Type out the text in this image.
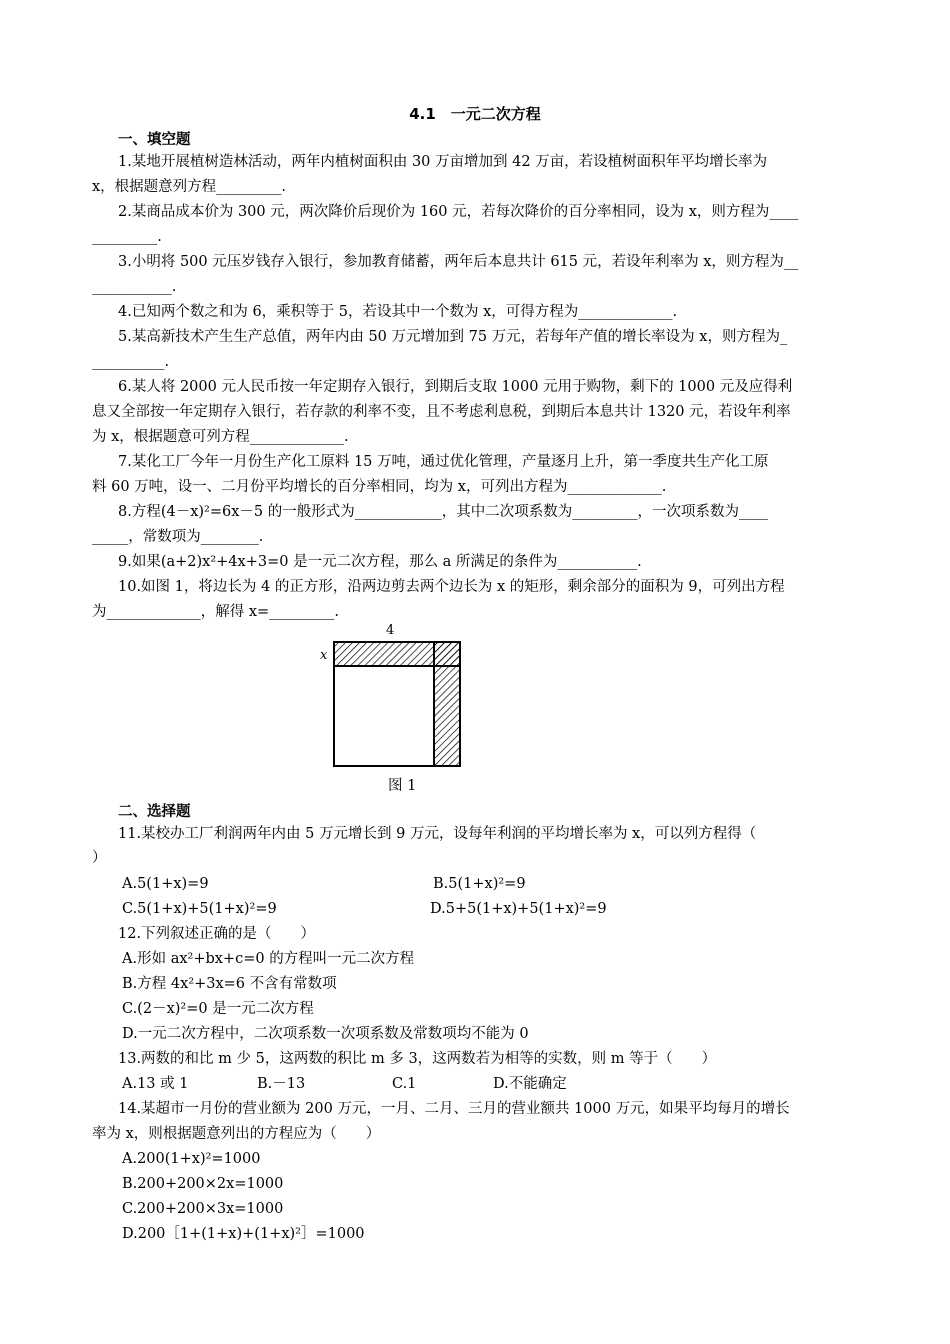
4.1　一元二次方程
一、填空题
1.某地开展植树造林活动，两年内植树面积由 30 万亩增加到 42 万亩，若设植树面积年平均增长率为
x，根据题意列方程_________.
2.某商品成本价为 300 元，两次降价后现价为 160 元，若每次降价的百分率相同，设为 x，则方程为____
_________.
3.小明将 500 元压岁钱存入银行，参加教育储蓄，两年后本息共计 615 元，若设年利率为 x，则方程为__
___________.
4.已知两个数之和为 6，乘积等于 5，若设其中一个数为 x，可得方程为_____________.
5.某高新技术产生生产总值，两年内由 50 万元增加到 75 万元，若每年产值的增长率设为 x，则方程为_
__________.
6.某人将 2000 元人民币按一年定期存入银行，到期后支取 1000 元用于购物，剩下的 1000 元及应得利
息又全部按一年定期存入银行，若存款的利率不变，且不考虑利息税，到期后本息共计 1320 元，若设年利率
为 x，根据题意可列方程_____________.
7.某化工厂今年一月份生产化工原料 15 万吨，通过优化管理，产量逐月上升，第一季度共生产化工原
料 60 万吨，设一、二月份平均增长的百分率相同，均为 x，可列出方程为_____________.
8.方程(4－x)²=6x－5 的一般形式为____________，其中二次项系数为_________，一次项系数为____
_____，常数项为________.
9.如果(a+2)x²+4x+3=0 是一元二次方程，那么 a 所满足的条件为___________.
10.如图 1，将边长为 4 的正方形，沿两边剪去两个边长为 x 的矩形，剩余部分的面积为 9，可列出方程
为_____________，解得 x=_________.
4
x
图 1
二、选择题
11.某校办工厂利润两年内由 5 万元增长到 9 万元，设每年利润的平均增长率为 x，可以列方程得（
）
A.5(1+x)=9	B.5(1+x)²=9
C.5(1+x)+5(1+x)²=9	D.5+5(1+x)+5(1+x)²=9
12.下列叙述正确的是（　　）
A.形如 ax²+bx+c=0 的方程叫一元二次方程
B.方程 4x²+3x=6 不含有常数项
C.(2－x)²=0 是一元二次方程
D.一元二次方程中，二次项系数一次项系数及常数项均不能为 0
13.两数的和比 m 少 5，这两数的积比 m 多 3，这两数若为相等的实数，则 m 等于（　　）
A.13 或 1	B.－13	C.1	D.不能确定
14.某超市一月份的营业额为 200 万元，一月、二月、三月的营业额共 1000 万元，如果平均每月的增长
率为 x，则根据题意列出的方程应为（　　）
A.200(1+x)²=1000
B.200+200×2x=1000
C.200+200×3x=1000
D.200［1+(1+x)+(1+x)²］=1000
